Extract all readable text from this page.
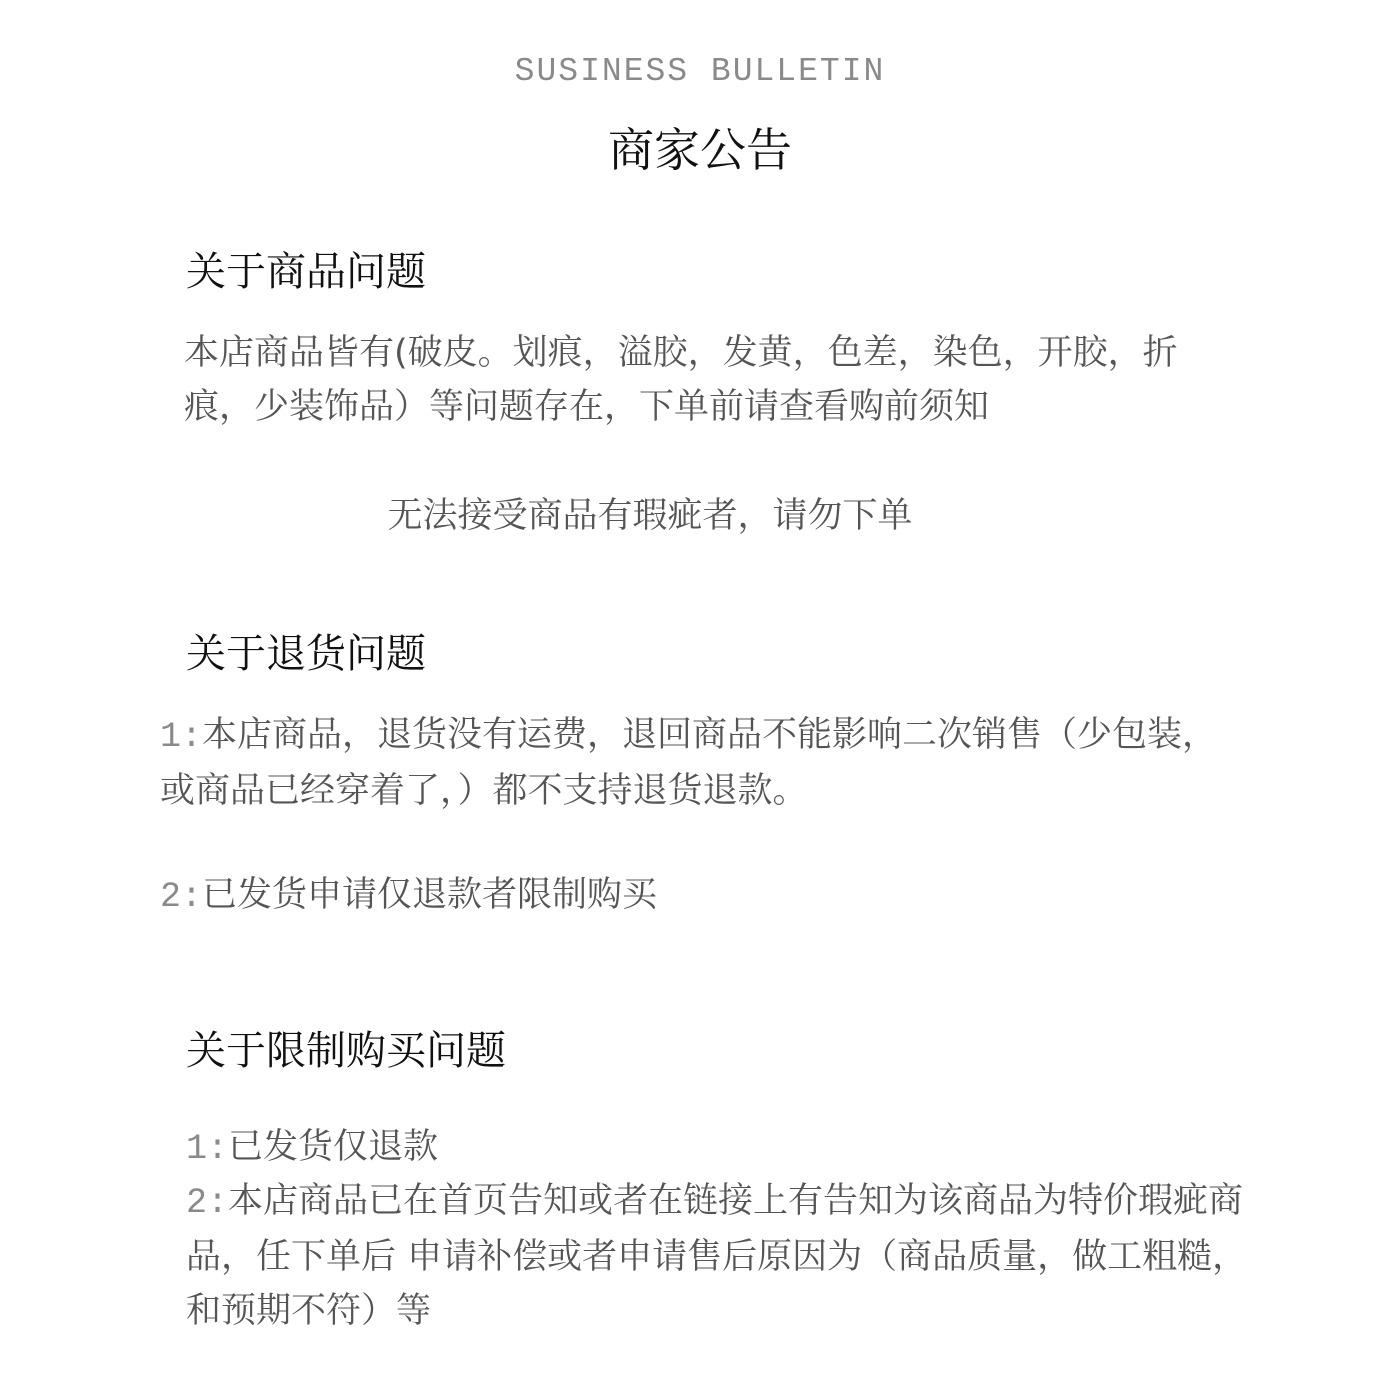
SUSINESS BULLETIN
商家公告
关于商品问题
本店商品皆有(破皮。划痕，溢胶，发黄，色差，染色，开胶，折痕，少装饰品）等问题存在，下单前请查看购前须知
无法接受商品有瑕疵者，请勿下单
关于退货问题
1:本店商品，退货没有运费，退回商品不能影响二次销售（少包装，或商品已经穿着了，）都不支持退货退款。
2:已发货申请仅退款者限制购买
关于限制购买问题
1:已发货仅退款
2:本店商品已在首页告知或者在链接上有告知为该商品为特价瑕疵商品，任下单后 申请补偿或者申请售后原因为（商品质量，做工粗糙，和预期不符）等
